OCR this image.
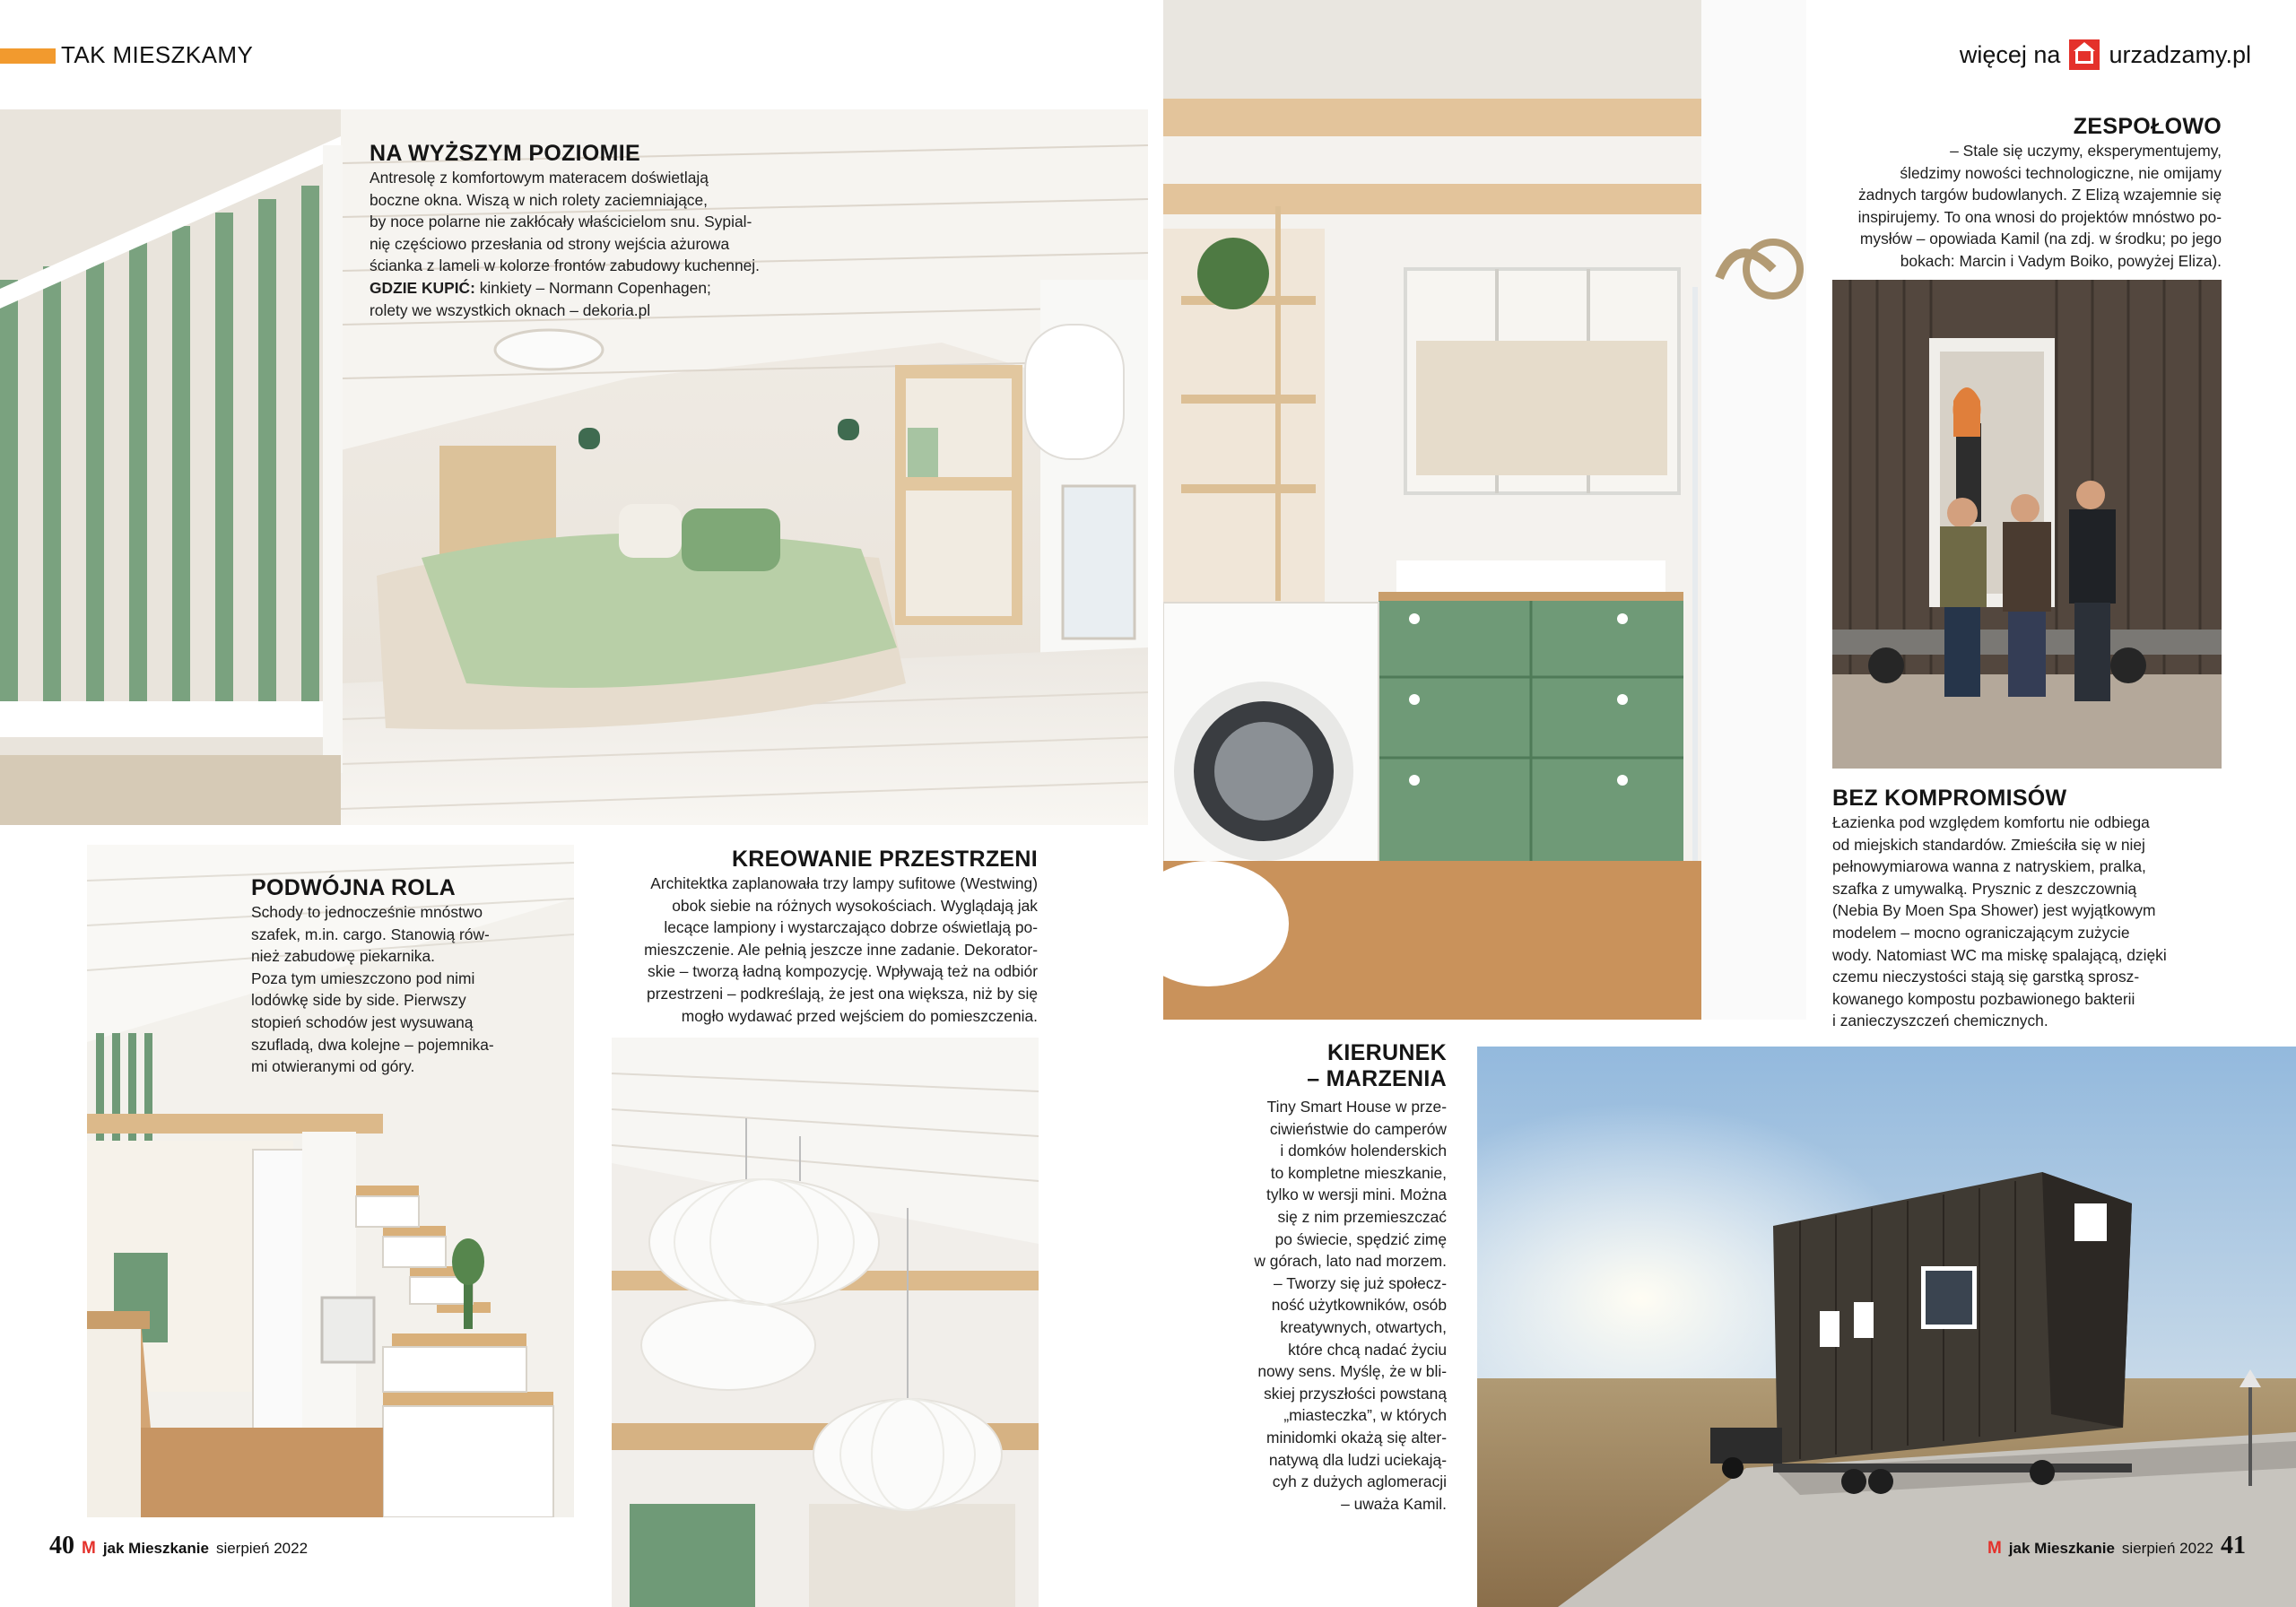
TAK MIESZKAMY	więcej na urzadzamy.pl
NA WYŻSZYM POZIOMIE

Antresolę z komfortowym materacem doświetlają

boczne okna. Wiszą w nich rolety zaciemniające,

by noce polarne nie zakłócały właścicielom snu. Sypial-

nię częściowo przesłania od strony wejścia ażurowa

ścianka z lameli w kolorze frontów zabudowy kuchennej.

GDZIE KUPIĆ: kinkiety – Normann Copenhagen;

rolety we wszystkich oknach – dekoria.pl

ZESPOŁOWO

– Stale się uczymy, eksperymentujemy,

śledzimy nowości technologiczne, nie omijamy

żadnych targów budowlanych. Z Elizą wzajemnie się

inspirujemy. To ona wnosi do projektów mnóstwo po-

mysłów – opowiada Kamil (na zdj. w środku; po jego

bokach: Marcin i Vadym Boiko, powyżej Eliza).

PODWÓJNA ROLA

Schody to jednocześnie mnóstwo

szafek, m.in. cargo. Stanowią rów-

nież zabudowę piekarnika.

Poza tym umieszczono pod nimi

lodówkę side by side. Pierwszy

stopień schodów jest wysuwaną

szufladą, dwa kolejne – pojemnika-

mi otwieranymi od góry.

KREOWANIE PRZESTRZENI

Architektka zaplanowała trzy lampy sufitowe (Westwing)

obok siebie na różnych wysokościach. Wyglądają jak

lecące lampiony i wystarczająco dobrze oświetlają po-

mieszczenie. Ale pełnią jeszcze inne zadanie. Dekorator-

skie – tworzą ładną kompozycję. Wpływają też na odbiór

przestrzeni – podkreślają, że jest ona większa, niż by się

mogło wydawać przed wejściem do pomieszczenia.

BEZ KOMPROMISÓW

Łazienka pod względem komfortu nie odbiega

od miejskich standardów. Zmieściła się w niej

pełnowymiarowa wanna z natryskiem, pralka,

szafka z umywalką. Prysznic z deszczownią

(Nebia By Moen Spa Shower) jest wyjątkowym

modelem – mocno ograniczającym zużycie

wody. Natomiast WC ma miskę spalającą, dzięki

czemu nieczystości stają się garstką sprosz-

kowanego kompostu pozbawionego bakterii

i zanieczyszczeń chemicznych.

KIERUNEK
– MARZENIA

Tiny Smart House w prze-

ciwieństwie do camperów

i domków holenderskich

to kompletne mieszkanie,

tylko w wersji mini. Można

się z nim przemieszczać

po świecie, spędzić zimę

w górach, lato nad morzem.

– Tworzy się już społecz-

ność użytkowników, osób

kreatywnych, otwartych,

które chcą nadać życiu

nowy sens. Myślę, że w bli-

skiej przyszłości powstaną

„miasteczka”, w których

minidomki okażą się alter-

natywą dla ludzi uciekają-

cyh z dużych aglomeracji

– uważa Kamil.

40 M jak Mieszkanie sierpień 2022	M jak Mieszkanie sierpień 2022 41
